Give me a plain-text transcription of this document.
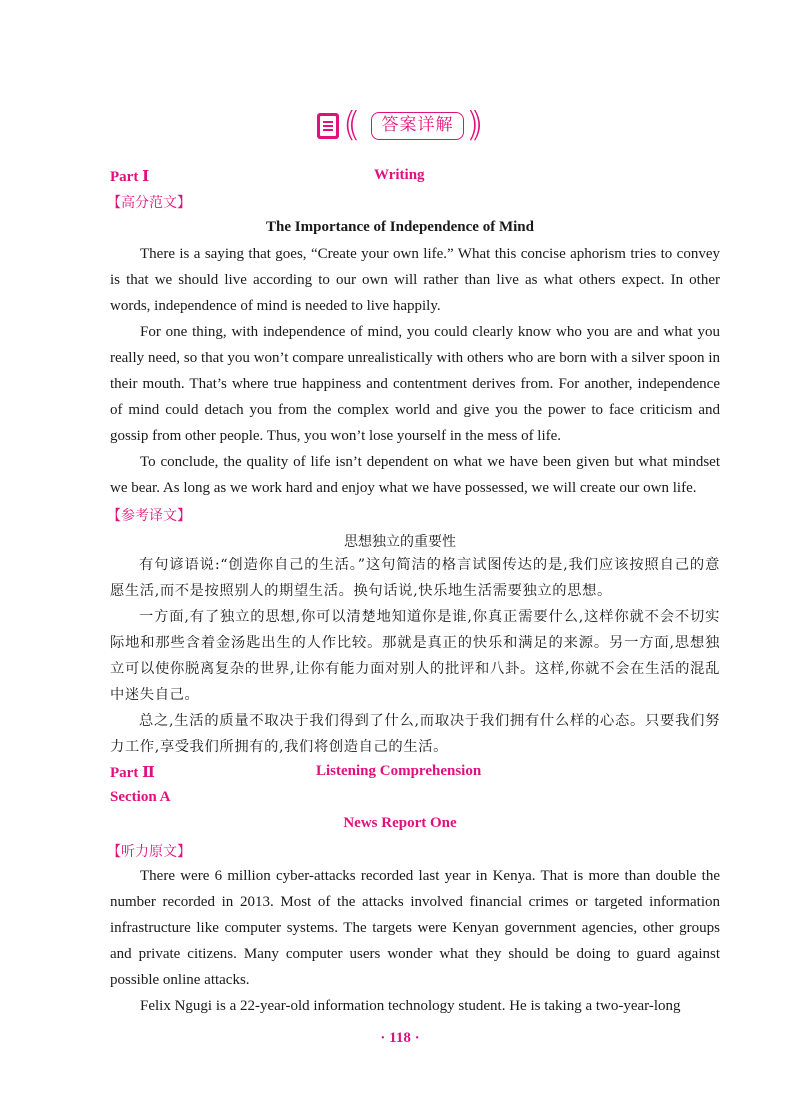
((	答案详解 ))
Part Ⅰ	Writing
【高分范文】
The Importance of Independence of Mind

There is a saying that goes, “Create your own life.” What this concise aphorism tries to convey is that we should live according to our own will rather than live as what others expect. In other words, independence of mind is needed to live happily.

For one thing, with independence of mind, you could clearly know who you are and what you really need, so that you won’t compare unrealistically with others who are born with a silver spoon in their mouth. That’s where true happiness and contentment derives from. For another, independence of mind could detach you from the complex world and give you the power to face criticism and gossip from other people. Thus, you won’t lose yourself in the mess of life.

To conclude, the quality of life isn’t dependent on what we have been given but what mindset we bear. As long as we work hard and enjoy what we have possessed, we will create our own life.

【参考译文】
思想独立的重要性

有句谚语说:“创造你自己的生活。”这句简洁的格言试图传达的是,我们应该按照自己的意愿生活,而不是按照别人的期望生活。换句话说,快乐地生活需要独立的思想。

一方面,有了独立的思想,你可以清楚地知道你是谁,你真正需要什么,这样你就不会不切实际地和那些含着金汤匙出生的人作比较。那就是真正的快乐和满足的来源。另一方面,思想独立可以使你脱离复杂的世界,让你有能力面对别人的批评和八卦。这样,你就不会在生活的混乱中迷失自己。

总之,生活的质量不取决于我们得到了什么,而取决于我们拥有什么样的心态。只要我们努力工作,享受我们所拥有的,我们将创造自己的生活。

Part Ⅱ	Listening Comprehension
Section A
News Report One
【听力原文】

There were 6 million cyber-attacks recorded last year in Kenya. That is more than double the number recorded in 2013. Most of the attacks involved financial crimes or targeted information infrastructure like computer systems. The targets were Kenyan government agencies, other groups and private citizens. Many computer users wonder what they should be doing to guard against possible online attacks.

Felix Ngugi is a 22-year-old information technology student. He is taking a two-year-long

· 118 ·
